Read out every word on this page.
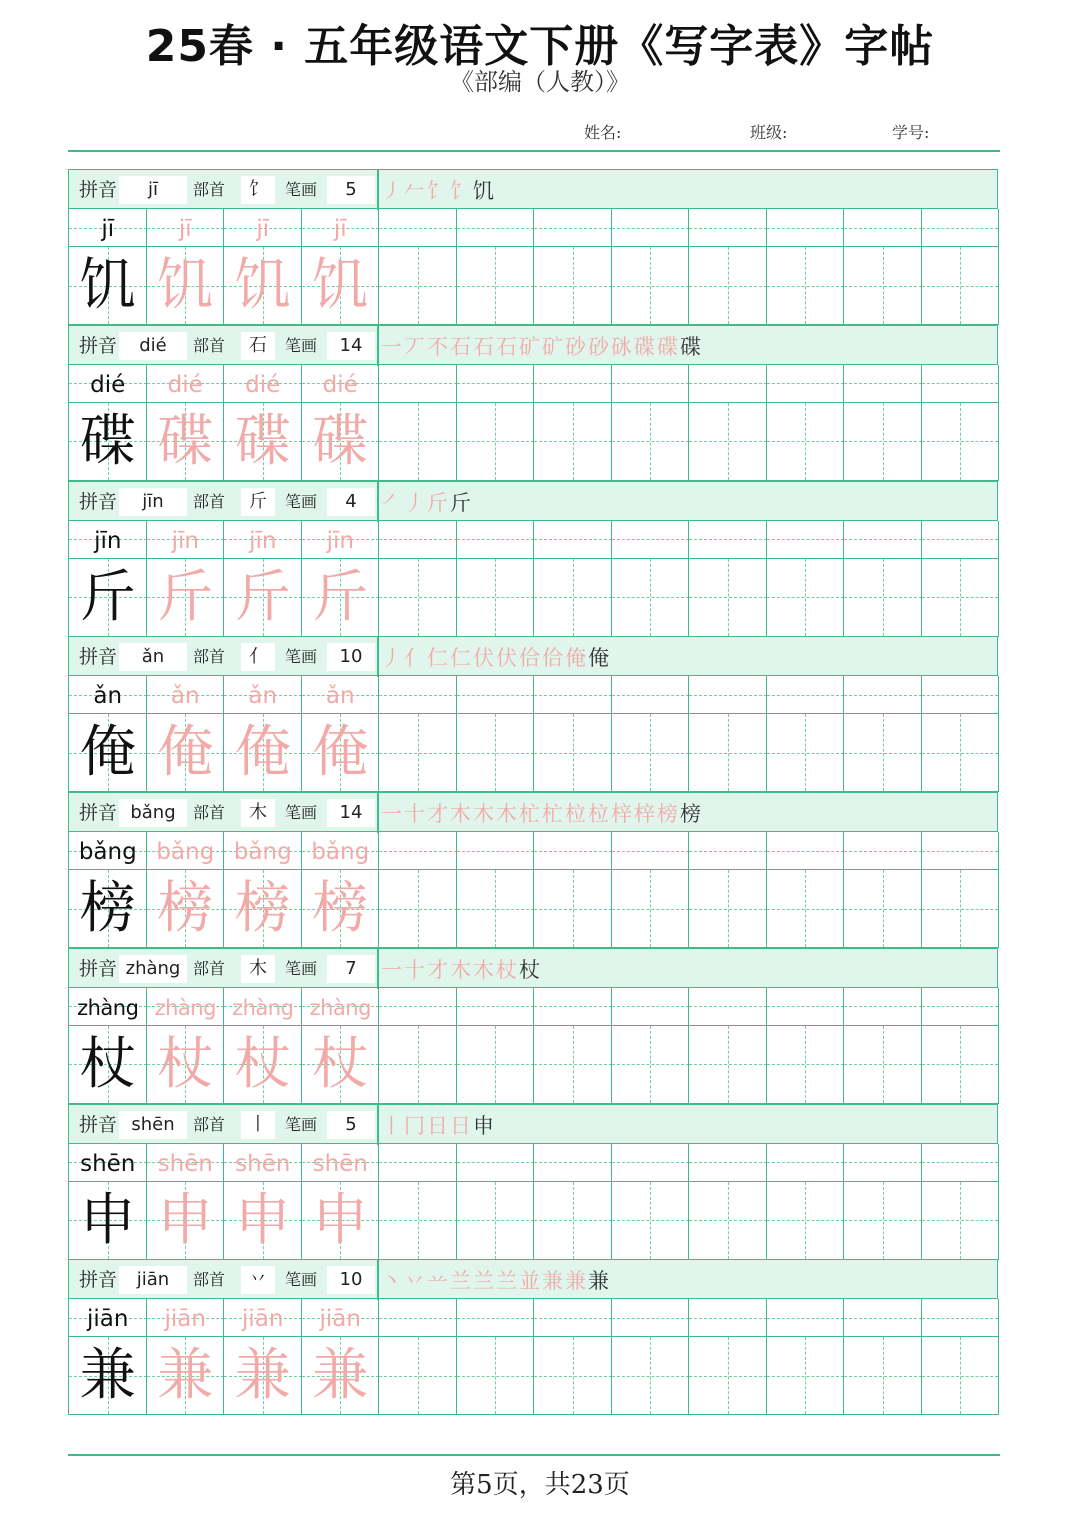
25春 · 五年级语文下册《写字表》字帖
《部编（人教）》
姓名:	班级:	学号:
拼音	jī	部首	饣	笔画	5	㇓𠂉饣饣饥
jī	jī	jī	jī
饥 饥 饥 饥
拼音	dié	部首	石	笔画	14 一丆不石石石矿矿砂砂砯碟碟碟
dié	dié	dié	dié
碟 碟 碟 碟
拼音	jīn	部首	斤	笔画	4	㇒丿斤斤
jīn	jīn	jīn	jīn
斤 斤 斤 斤
拼音	ǎn	部首	亻	笔画	10 丿亻仁仁伏伏佮佮俺俺
ǎn	ǎn	ǎn	ǎn
俺 俺 俺 俺
拼音 bǎng	部首	木	笔画	14 一十才木木木杧杧柆柆梓梓榜榜
bǎng bǎng bǎng bǎng
榜 榜 榜 榜
拼音 zhàng 部首	木	笔画	7	一十才木木杖杖
zhàng zhàng zhàng zhàng
杖 杖 杖 杖
拼音 shēn	部首	丨	笔画	5	丨冂日日申
shēn shēn shēn shēn
申 申 申 申
拼音	jiān	部首	丷	笔画	10 丶丷䒑兰兰兰並兼兼兼
jiān	jiān	jiān	jiān
兼 兼 兼 兼
第5页，共23页
